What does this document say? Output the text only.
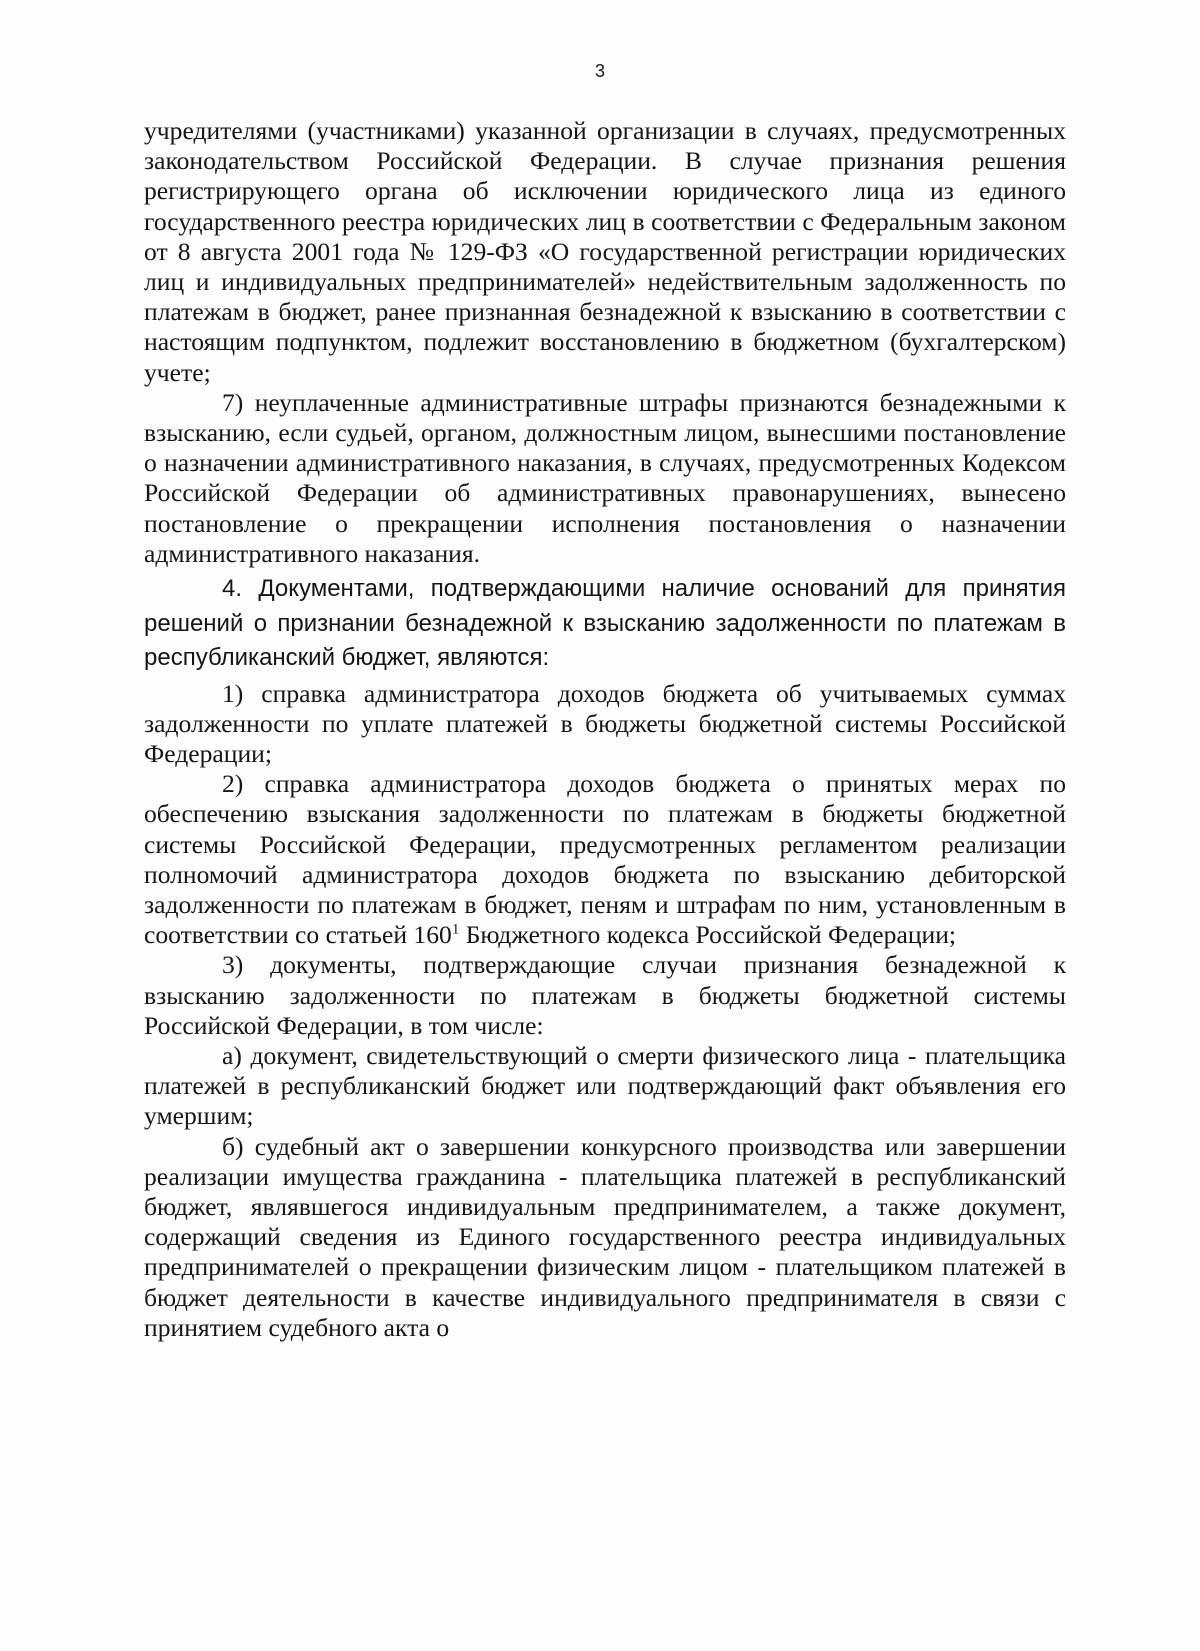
3

учредителями (участниками) указанной организации в случаях, предусмотренных законодательством Российской Федерации. В случае признания решения регистрирующего органа об исключении юридического лица из единого государственного реестра юридических лиц в соответствии с Федеральным законом от 8 августа 2001 года № 129-ФЗ «О государственной регистрации юридических лиц и индивидуальных предпринимателей» недействительным задолженность по платежам в бюджет, ранее признанная безнадежной к взысканию в соответствии с настоящим подпунктом, подлежит восстановлению в бюджетном (бухгалтерском) учете;

7) неуплаченные административные штрафы признаются безнадежными к взысканию, если судьей, органом, должностным лицом, вынесшими постановление о назначении административного наказания, в случаях, предусмотренных Кодексом Российской Федерации об административных правонарушениях, вынесено постановление о прекращении исполнения постановления о назначении административного наказания.

4. Документами, подтверждающими наличие оснований для принятия решений о признании безнадежной к взысканию задолженности по платежам в республиканский бюджет, являются:

1) справка администратора доходов бюджета об учитываемых суммах задолженности по уплате платежей в бюджеты бюджетной системы Российской Федерации;

2) справка администратора доходов бюджета о принятых мерах по обеспечению взыскания задолженности по платежам в бюджеты бюджетной системы Российской Федерации, предусмотренных регламентом реализации полномочий администратора доходов бюджета по взысканию дебиторской задолженности по платежам в бюджет, пеням и штрафам по ним, установленным в соответствии со статьей $160^1$ Бюджетного кодекса Российской Федерации;

3) документы, подтверждающие случаи признания безнадежной к взысканию задолженности по платежам в бюджеты бюджетной системы Российской Федерации, в том числе:

а) документ, свидетельствующий о смерти физического лица - плательщика платежей в республиканский бюджет или подтверждающий факт объявления его умершим;

б) судебный акт о завершении конкурсного производства или завершении реализации имущества гражданина - плательщика платежей в республиканский бюджет, являвшегося индивидуальным предпринимателем, а также документ, содержащий сведения из Единого государственного реестра индивидуальных предпринимателей о прекращении физическим лицом - плательщиком платежей в бюджет деятельности в качестве индивидуального предпринимателя в связи с принятием судебного акта о
